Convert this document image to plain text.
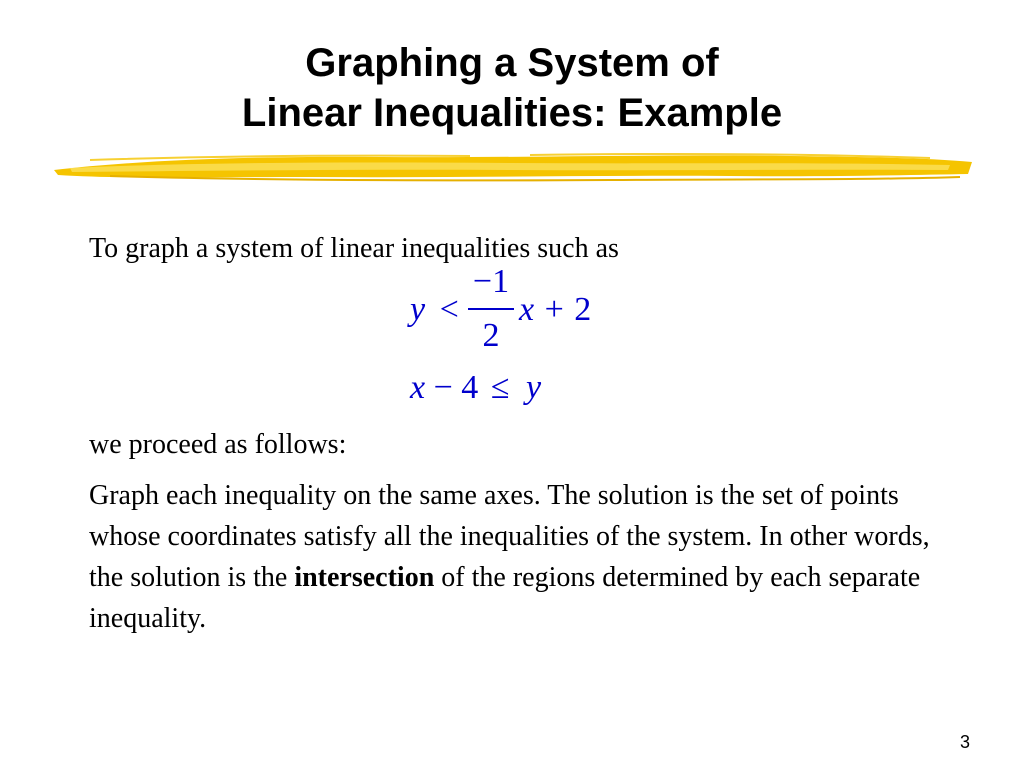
Graphing a System of
Linear Inequalities: Example
To graph a system of linear inequalities such as
y <
−1
2
x + 2
x − 4 ≤ y
we proceed as follows:
Graph each inequality on the same axes. The solution is the set of points whose coordinates satisfy all the inequalities of the system. In other words, the solution is the intersection of the regions determined by each separate inequality.
3
